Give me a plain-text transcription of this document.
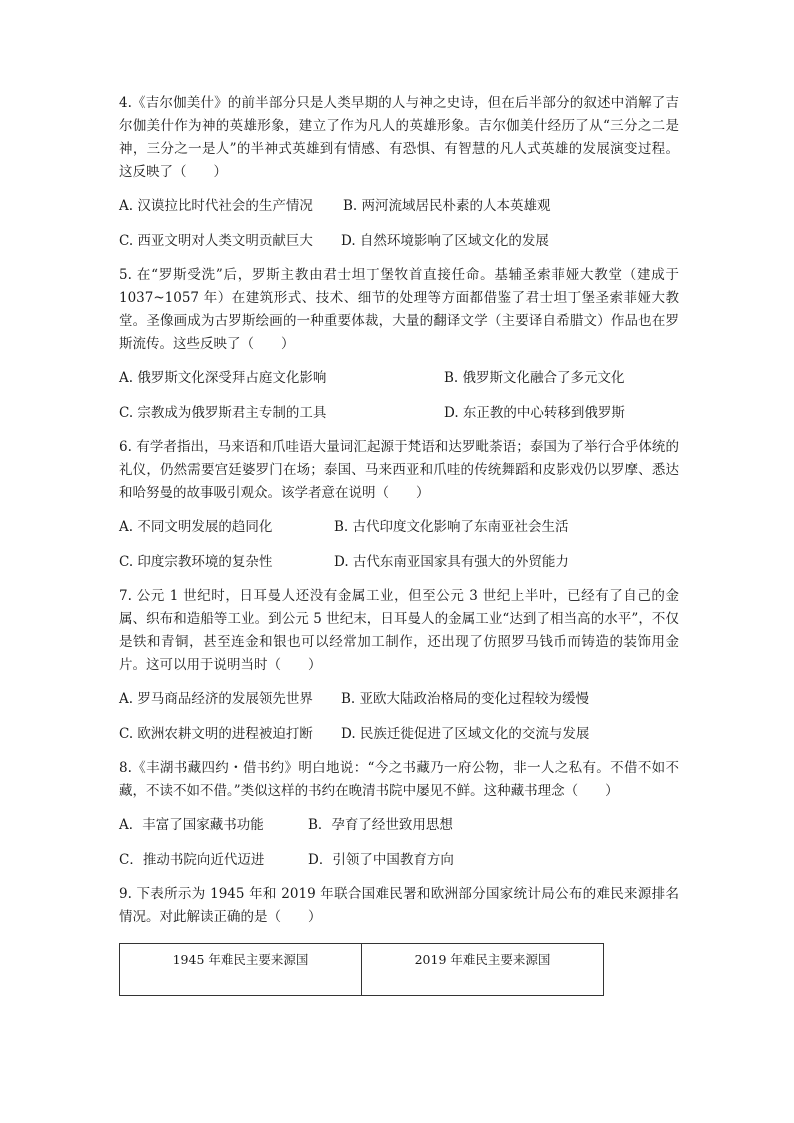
4.《吉尔伽美什》的前半部分只是人类早期的人与神之史诗，但在后半部分的叙述中消解了吉尔伽美什作为神的英雄形象，建立了作为凡人的英雄形象。吉尔伽美什经历了从“三分之二是神，三分之一是人”的半神式英雄到有情感、有恐惧、有智慧的凡人式英雄的发展演变过程。这反映了（　　）

A. 汉谟拉比时代社会的生产情况 B. 两河流域居民朴素的人本英雄观
C. 西亚文明对人类文明贡献巨大 D. 自然环境影响了区域文化的发展

5. 在“罗斯受洗”后，罗斯主教由君士坦丁堡牧首直接任命。基辅圣索菲娅大教堂（建成于 1037~1057 年）在建筑形式、技术、细节的处理等方面都借鉴了君士坦丁堡圣索菲娅大教堂。圣像画成为古罗斯绘画的一种重要体裁，大量的翻译文学（主要译自希腊文）作品也在罗斯流传。这些反映了（　　）

A. 俄罗斯文化深受拜占庭文化影响	B. 俄罗斯文化融合了多元文化
C. 宗教成为俄罗斯君主专制的工具	D. 东正教的中心转移到俄罗斯

6. 有学者指出，马来语和爪哇语大量词汇起源于梵语和达罗毗荼语；泰国为了举行合乎体统的礼仪，仍然需要宫廷婆罗门在场；泰国、马来西亚和爪哇的传统舞蹈和皮影戏仍以罗摩、悉达和哈努曼的故事吸引观众。该学者意在说明（　　）

A. 不同文明发展的趋同化	B. 古代印度文化影响了东南亚社会生活
C. 印度宗教环境的复杂性	D. 古代东南亚国家具有强大的外贸能力

7. 公元 1 世纪时，日耳曼人还没有金属工业，但至公元 3 世纪上半叶，已经有了自己的金属、织布和造船等工业。到公元 5 世纪末，日耳曼人的金属工业“达到了相当高的水平”，不仅是铁和青铜，甚至连金和银也可以经常加工制作，还出现了仿照罗马钱币而铸造的装饰用金片。这可以用于说明当时（　　）

A. 罗马商品经济的发展领先世界 B. 亚欧大陆政治格局的变化过程较为缓慢
C. 欧洲农耕文明的进程被迫打断 D. 民族迁徙促进了区域文化的交流与发展

8.《丰湖书藏四约・借书约》明白地说：“今之书藏乃一府公物，非一人之私有。不借不如不藏，不读不如不借。”类似这样的书约在晚清书院中屡见不鲜。这种藏书理念（　　）

A．丰富了国家藏书功能	B．孕育了经世致用思想
C．推动书院向近代迈进	D．引领了中国教育方向

9. 下表所示为 1945 年和 2019 年联合国难民署和欧洲部分国家统计局公布的难民来源排名情况。对此解读正确的是（　　）

1945 年难民主要来源国	2019 年难民主要来源国
